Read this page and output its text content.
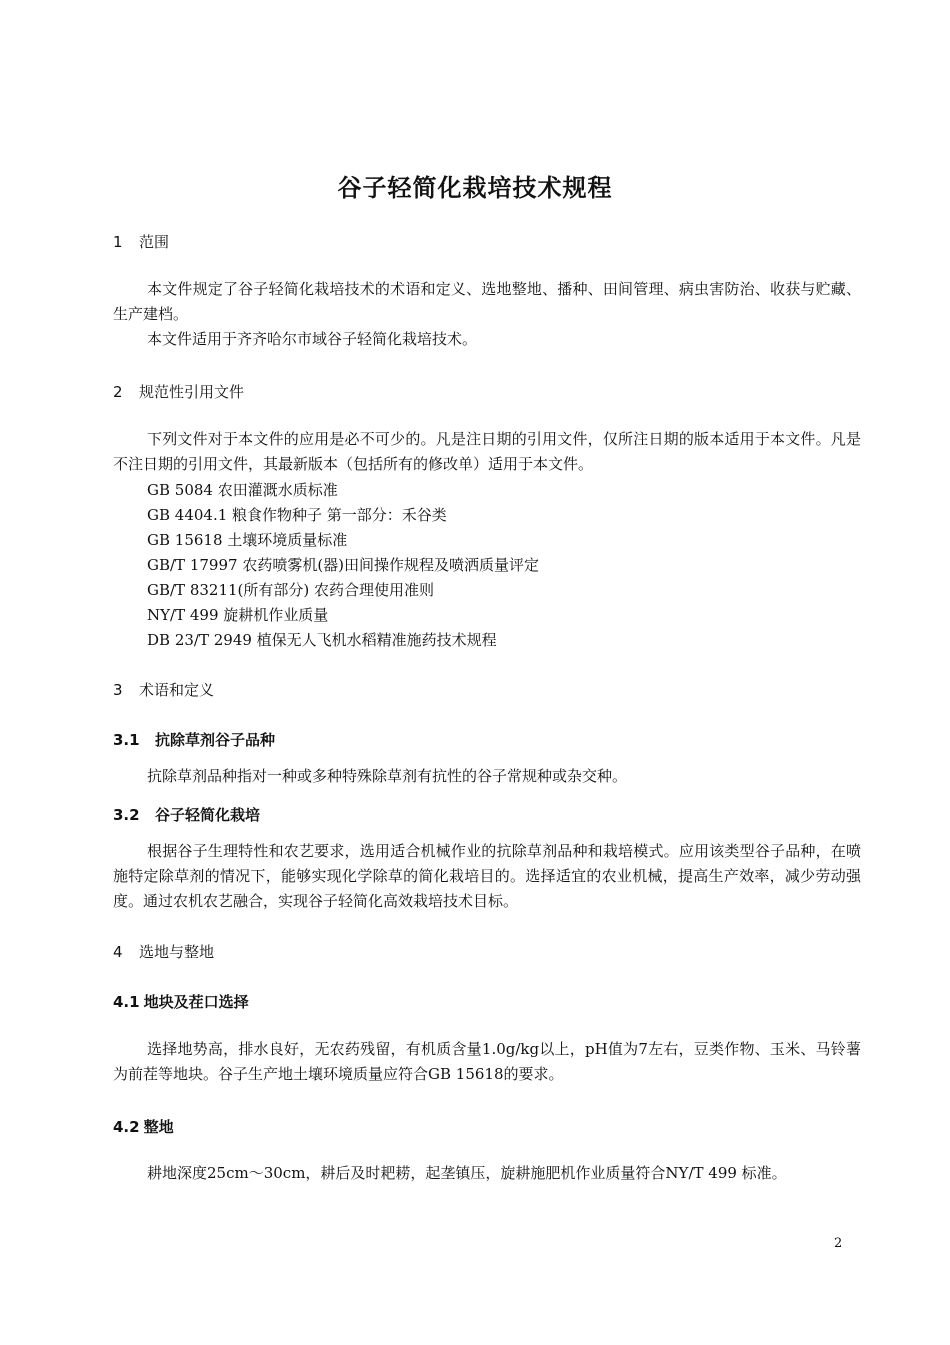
谷子轻简化栽培技术规程
1 范围

本文件规定了谷子轻简化栽培技术的术语和定义、选地整地、播种、田间管理、病虫害防治、收获与贮藏、生产建档。

本文件适用于齐齐哈尔市域谷子轻简化栽培技术。

2 规范性引用文件

下列文件对于本文件的应用是必不可少的。凡是注日期的引用文件，仅所注日期的版本适用于本文件。凡是不注日期的引用文件，其最新版本（包括所有的修改单）适用于本文件。

GB 5084 农田灌溉水质标准
GB 4404.1 粮食作物种子 第一部分：禾谷类
GB 15618 土壤环境质量标准
GB/T 17997 农药喷雾机(器)田间操作规程及喷洒质量评定
GB/T 83211(所有部分) 农药合理使用准则
NY/T 499 旋耕机作业质量
DB 23/T 2949 植保无人飞机水稻精准施药技术规程
3 术语和定义
3.1 抗除草剂谷子品种

抗除草剂品种指对一种或多种特殊除草剂有抗性的谷子常规种或杂交种。

3.2 谷子轻简化栽培

根据谷子生理特性和农艺要求，选用适合机械作业的抗除草剂品种和栽培模式。应用该类型谷子品种，在喷施特定除草剂的情况下，能够实现化学除草的简化栽培目的。选择适宜的农业机械，提高生产效率，减少劳动强度。通过农机农艺融合，实现谷子轻简化高效栽培技术目标。

4 选地与整地
4.1 地块及茬口选择

选择地势高，排水良好，无农药残留，有机质含量1.0g/kg以上，pH值为7左右，豆类作物、玉米、马铃薯为前茬等地块。谷子生产地土壤环境质量应符合GB 15618的要求。

4.2 整地

耕地深度25cm～30cm，耕后及时耙耢，起垄镇压，旋耕施肥机作业质量符合NY/T 499 标准。

2
